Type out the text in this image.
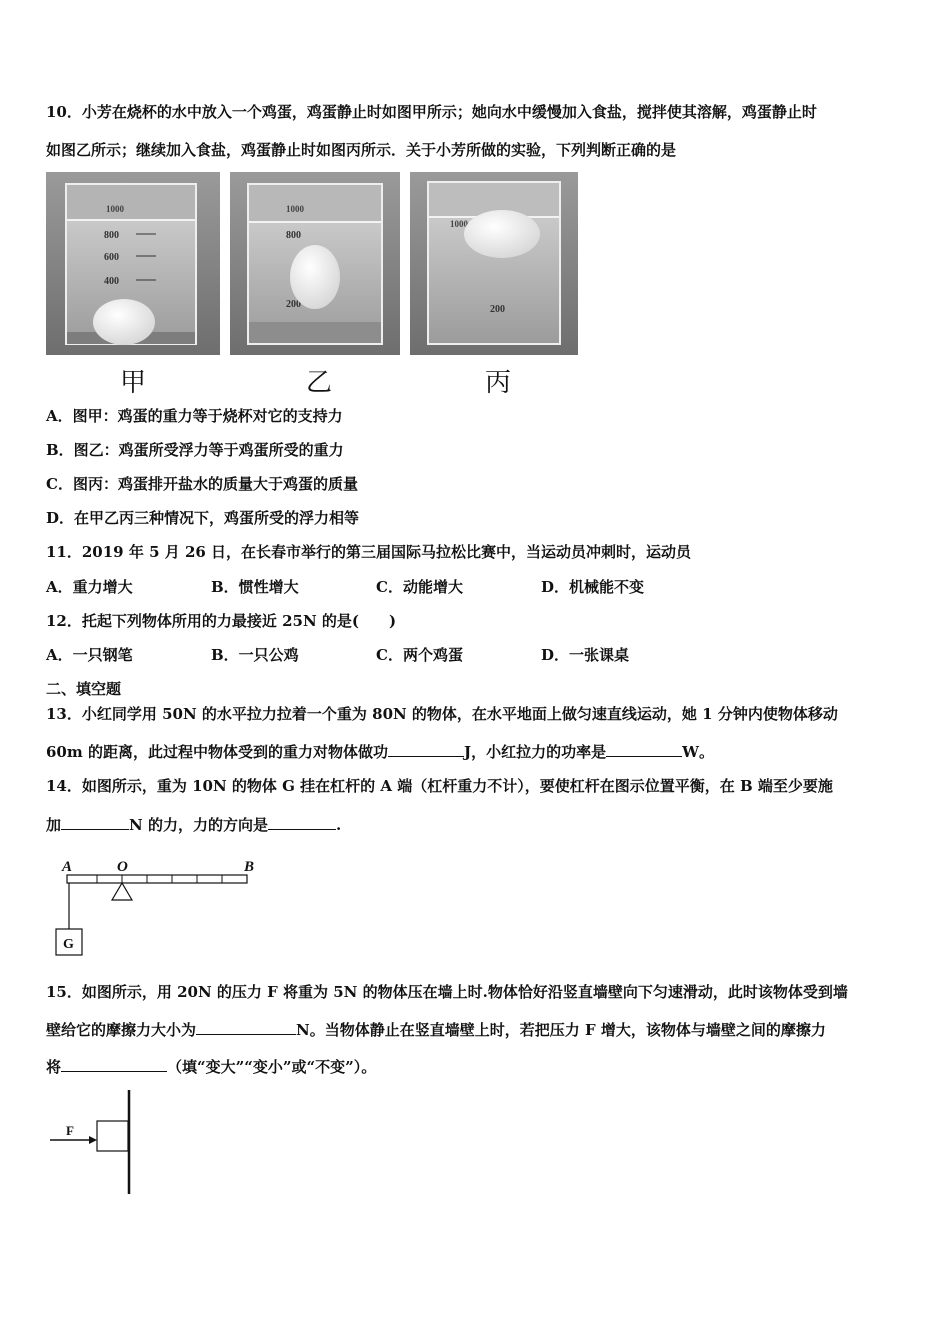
10．小芳在烧杯的水中放入一个鸡蛋，鸡蛋静止时如图甲所示；她向水中缓慢加入食盐，搅拌使其溶解，鸡蛋静止时
如图乙所示；继续加入食盐，鸡蛋静止时如图丙所示．关于小芳所做的实验，下列判断正确的是
1000
800
600
400
1000
800
200
1000
200
甲	乙	丙
A．图甲：鸡蛋的重力等于烧杯对它的支持力
B．图乙：鸡蛋所受浮力等于鸡蛋所受的重力
C．图丙：鸡蛋排开盐水的质量大于鸡蛋的质量
D．在甲乙丙三种情况下，鸡蛋所受的浮力相等
11．2019 年 5 月 26 日，在长春市举行的第三届国际马拉松比赛中，当运动员冲刺时，运动员
A．重力增大	B．惯性增大	C．动能增大	D．机械能不变
12．托起下列物体所用的力最接近 25N 的是(　　)
A．一只钢笔	B．一只公鸡	C．两个鸡蛋	D．一张课桌
二、填空题
13．小红同学用 50N 的水平拉力拉着一个重为 80N 的物体，在水平地面上做匀速直线运动，她 1 分钟内使物体移动
60m 的距离，此过程中物体受到的重力对物体做功	J，小红拉力的功率是	W。
14．如图所示，重为 10N 的物体 G 挂在杠杆的 A 端（杠杆重力不计），要使杠杆在图示位置平衡，在 B 端至少要施
加	N 的力，力的方向是	.
A	O	B
G
15．如图所示，用 20N 的压力 F 将重为 5N 的物体压在墙上时.物体恰好沿竖直墙壁向下匀速滑动，此时该物体受到墙
壁给它的摩擦力大小为	N。当物体静止在竖直墙壁上时，若把压力 F 增大，该物体与墙壁之间的摩擦力
将	（填“变大”“变小”或“不变”）。
F
